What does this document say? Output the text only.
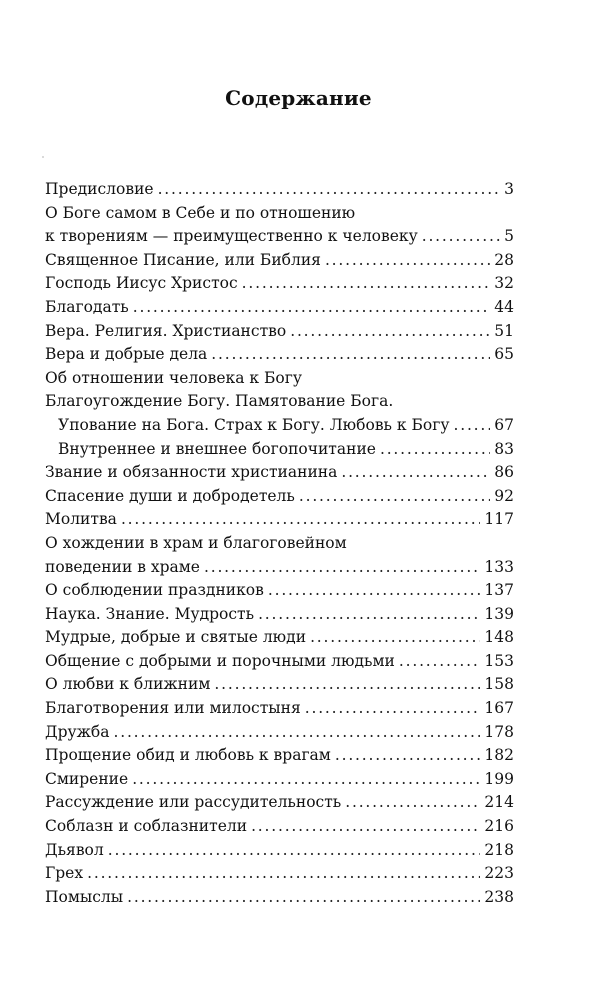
Содержание
Предисловие .....	3
О Боге самом в Себе и по отношению
к творениям — преимущественно к человеку .....	5
Священное Писание, или Библия .....	28
Господь Иисус Христос .....	32
Благодать .....	44
Вера. Религия. Христианство .....	51
Вера и добрые дела .....	65
Об отношении человека к Богу
Благоугождение Богу. Памятование Бога.
Упование на Бога. Страх к Богу. Любовь к Богу .....	67
Внутреннее и внешнее богопочитание .....	83
Звание и обязанности христианина .....	86
Спасение души и добродетель .....	92
Молитва .....	117
О хождении в храм и благоговейном
поведении в храме .....	133
О соблюдении праздников .....	137
Наука. Знание. Мудрость .....	139
Мудрые, добрые и святые люди .....	148
Общение с добрыми и порочными людьми .....	153
О любви к ближним .....	158
Благотворения или милостыня .....	167
Дружба .....	178
Прощение обид и любовь к врагам .....	182
Смирение .....	199
Рассуждение или рассудительность .....	214
Соблазн и соблазнители .....	216
Дьявол .....	218
Грех .....	223
Помыслы .....	238
